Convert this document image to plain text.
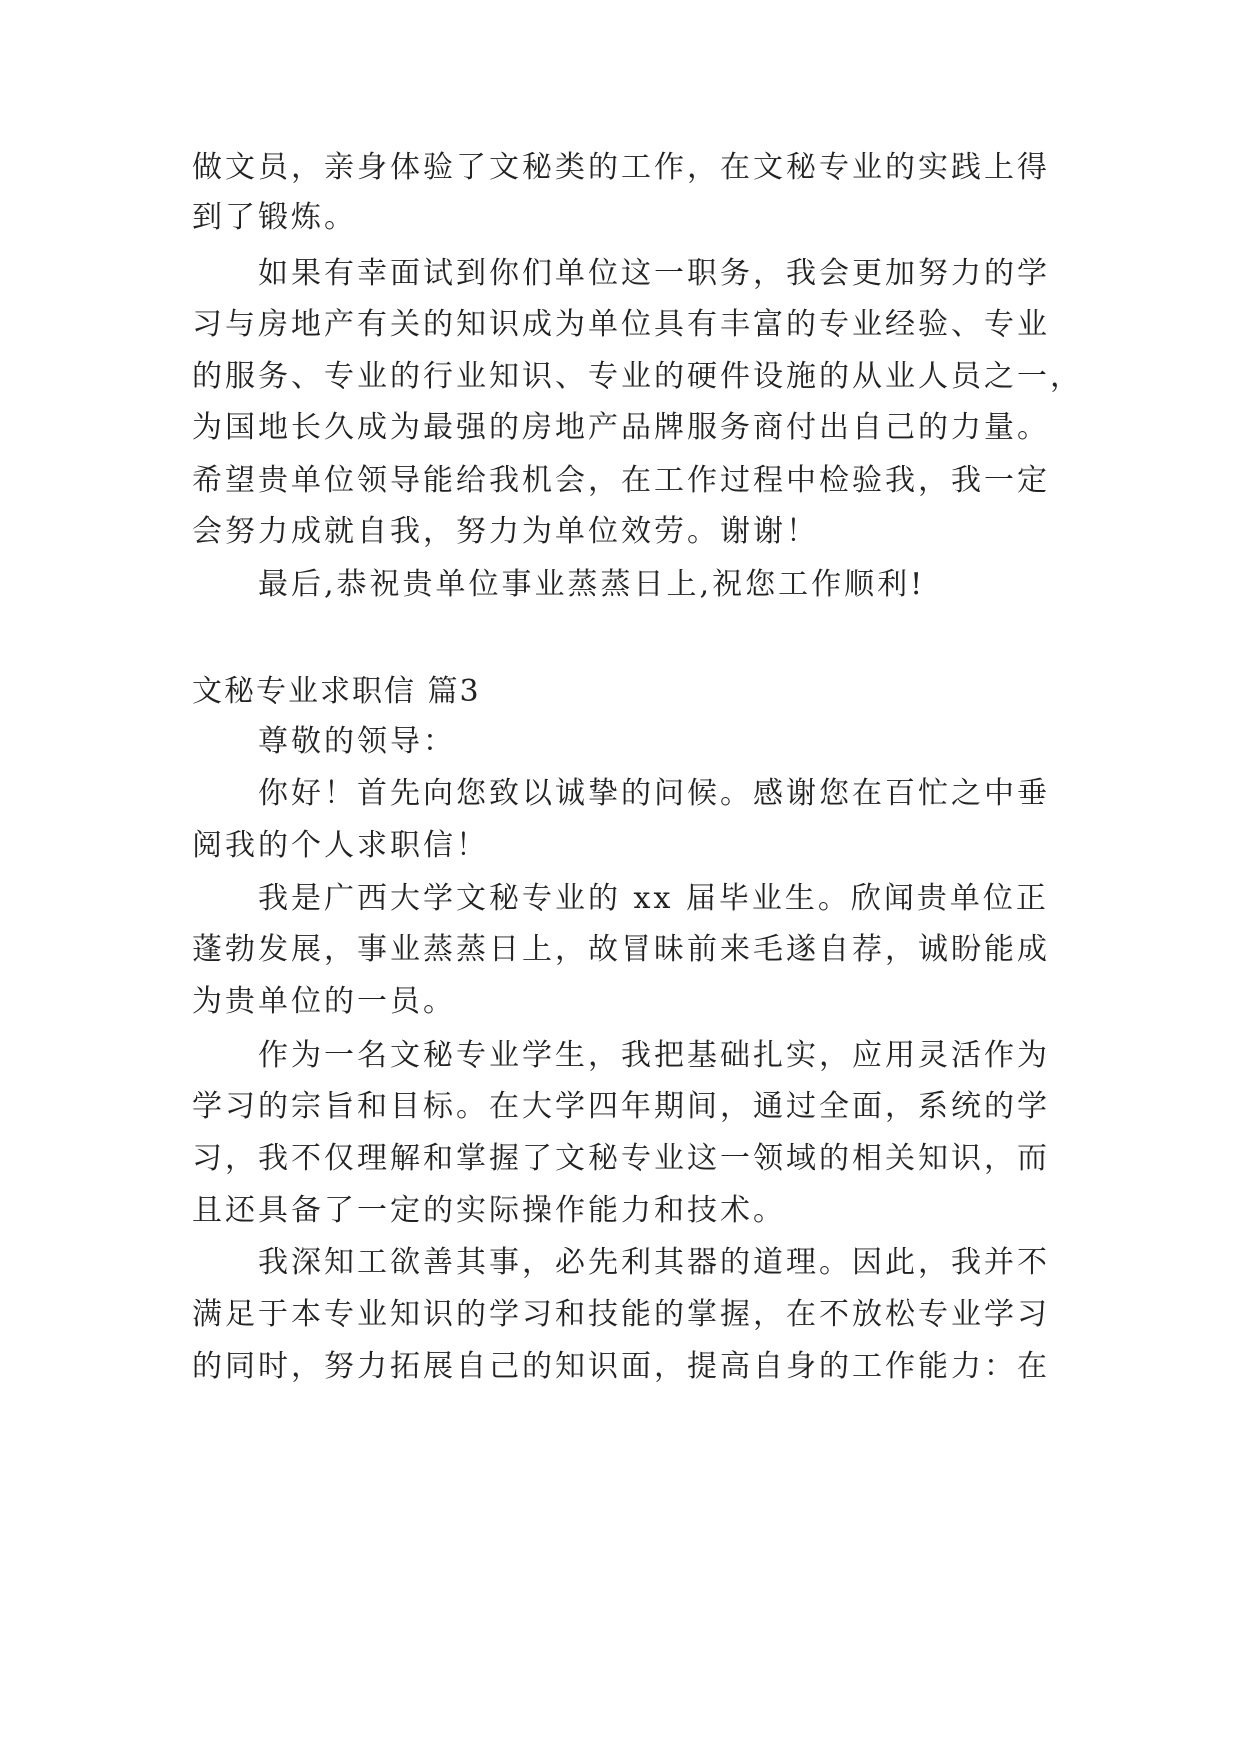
做文员，亲身体验了文秘类的工作，在文秘专业的实践上得
到了锻炼。
如果有幸面试到你们单位这一职务，我会更加努力的学
习与房地产有关的知识成为单位具有丰富的专业经验、专业
的服务、专业的行业知识、专业的硬件设施的从业人员之一，
为国地长久成为最强的房地产品牌服务商付出自己的力量。
希望贵单位领导能给我机会，在工作过程中检验我，我一定
会努力成就自我，努力为单位效劳。谢谢！
最后,恭祝贵单位事业蒸蒸日上,祝您工作顺利!
文秘专业求职信 篇3
尊敬的领导：
你好！首先向您致以诚挚的问候。感谢您在百忙之中垂
阅我的个人求职信！
我是广西大学文秘专业的 xx 届毕业生。欣闻贵单位正
蓬勃发展，事业蒸蒸日上，故冒昧前来毛遂自荐，诚盼能成
为贵单位的一员。
作为一名文秘专业学生，我把基础扎实，应用灵活作为
学习的宗旨和目标。在大学四年期间，通过全面，系统的学
习，我不仅理解和掌握了文秘专业这一领域的相关知识，而
且还具备了一定的实际操作能力和技术。
我深知工欲善其事，必先利其器的道理。因此，我并不
满足于本专业知识的学习和技能的掌握，在不放松专业学习
的同时，努力拓展自己的知识面，提高自身的工作能力：在
